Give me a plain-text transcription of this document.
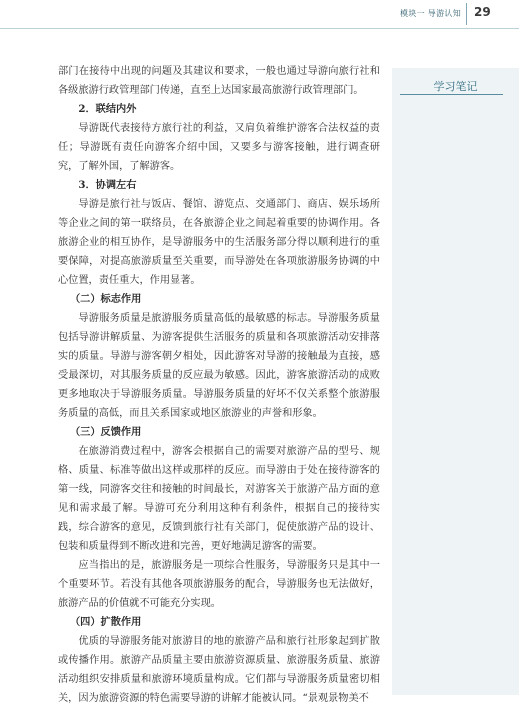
模块一 导游认知 29
学习笔记

部门在接待中出现的问题及其建议和要求，一般也通过导游向旅行社和各级旅游行政管理部门传递，直至上达国家最高旅游行政管理部门。

2．联结内外

导游既代表接待方旅行社的利益，又肩负着维护游客合法权益的责任；导游既有责任向游客介绍中国，又要多与游客接触，进行调查研究，了解外国，了解游客。

3．协调左右

导游是旅行社与饭店、餐馆、游览点、交通部门、商店、娱乐场所等企业之间的第一联络员，在各旅游企业之间起着重要的协调作用。各旅游企业的相互协作，是导游服务中的生活服务部分得以顺利进行的重要保障，对提高旅游质量至关重要，而导游处在各项旅游服务协调的中心位置，责任重大，作用显著。

（二）标志作用

导游服务质量是旅游服务质量高低的最敏感的标志。导游服务质量包括导游讲解质量、为游客提供生活服务的质量和各项旅游活动安排落实的质量。导游与游客朝夕相处，因此游客对导游的接触最为直接，感受最深切，对其服务质量的反应最为敏感。因此，游客旅游活动的成败更多地取决于导游服务质量。导游服务质量的好坏不仅关系整个旅游服务质量的高低，而且关系国家或地区旅游业的声誉和形象。

（三）反馈作用

在旅游消费过程中，游客会根据自己的需要对旅游产品的型号、规格、质量、标准等做出这样或那样的反应。而导游由于处在接待游客的第一线，同游客交往和接触的时间最长，对游客关于旅游产品方面的意见和需求最了解。导游可充分利用这种有利条件，根据自己的接待实践，综合游客的意见，反馈到旅行社有关部门，促使旅游产品的设计、包装和质量得到不断改进和完善，更好地满足游客的需要。

应当指出的是，旅游服务是一项综合性服务，导游服务只是其中一个重要环节。若没有其他各项旅游服务的配合，导游服务也无法做好，旅游产品的价值就不可能充分实现。

（四）扩散作用

优质的导游服务能对旅游目的地的旅游产品和旅行社形象起到扩散或传播作用。旅游产品质量主要由旅游资源质量、旅游服务质量、旅游活动组织安排质量和旅游环境质量构成。它们都与导游服务质量密切相关，因为旅游资源的特色需要导游的讲解才能被认同。“景观景物美不
